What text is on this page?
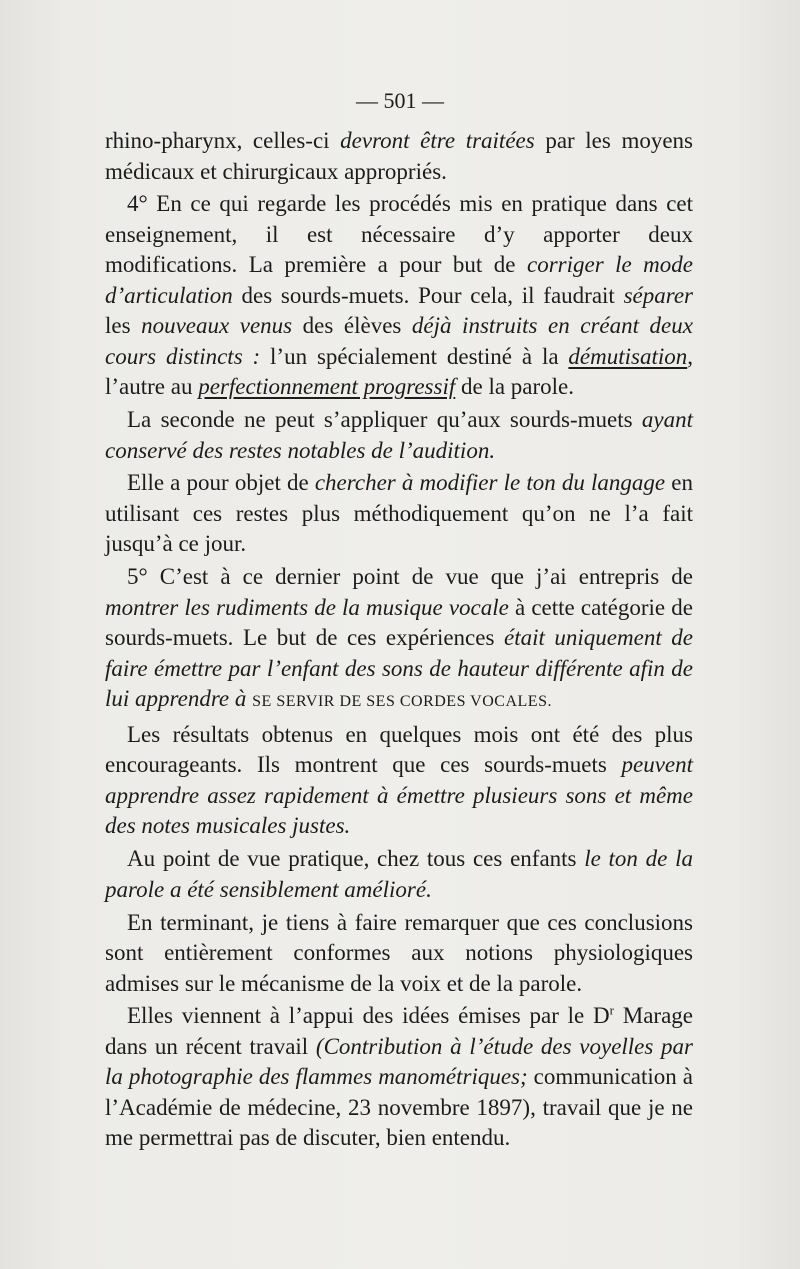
— 501 —

rhino-pharynx, celles-ci devront être traitées par les moyens médicaux et chirurgicaux appropriés.

4° En ce qui regarde les procédés mis en pratique dans cet enseignement, il est nécessaire d’y apporter deux modifications. La première a pour but de corriger le mode d’articulation des sourds-muets. Pour cela, il faudrait séparer les nouveaux venus des élèves déjà instruits en créant deux cours distincts : l’un spécialement destiné à la démutisation, l’autre au perfectionnement progressif de la parole.

La seconde ne peut s’appliquer qu’aux sourds-muets ayant conservé des restes notables de l’audition.

Elle a pour objet de chercher à modifier le ton du langage en utilisant ces restes plus méthodiquement qu’on ne l’a fait jusqu’à ce jour.

5° C’est à ce dernier point de vue que j’ai entrepris de montrer les rudiments de la musique vocale à cette catégorie de sourds-muets. Le but de ces expériences était uniquement de faire émettre par l’enfant des sons de hauteur différente afin de lui apprendre à SE SERVIR DE SES CORDES VOCALES.

Les résultats obtenus en quelques mois ont été des plus encourageants. Ils montrent que ces sourds-muets peuvent apprendre assez rapidement à émettre plusieurs sons et même des notes musicales justes.

Au point de vue pratique, chez tous ces enfants le ton de la parole a été sensiblement amélioré.

En terminant, je tiens à faire remarquer que ces conclusions sont entièrement conformes aux notions physiologiques admises sur le mécanisme de la voix et de la parole.

Elles viennent à l’appui des idées émises par le $D^r$ Marage dans un récent travail (Contribution à l’étude des voyelles par la photographie des flammes manométriques; communication à l’Académie de médecine, 23 novembre 1897), travail que je ne me permettrai pas de discuter, bien entendu.
